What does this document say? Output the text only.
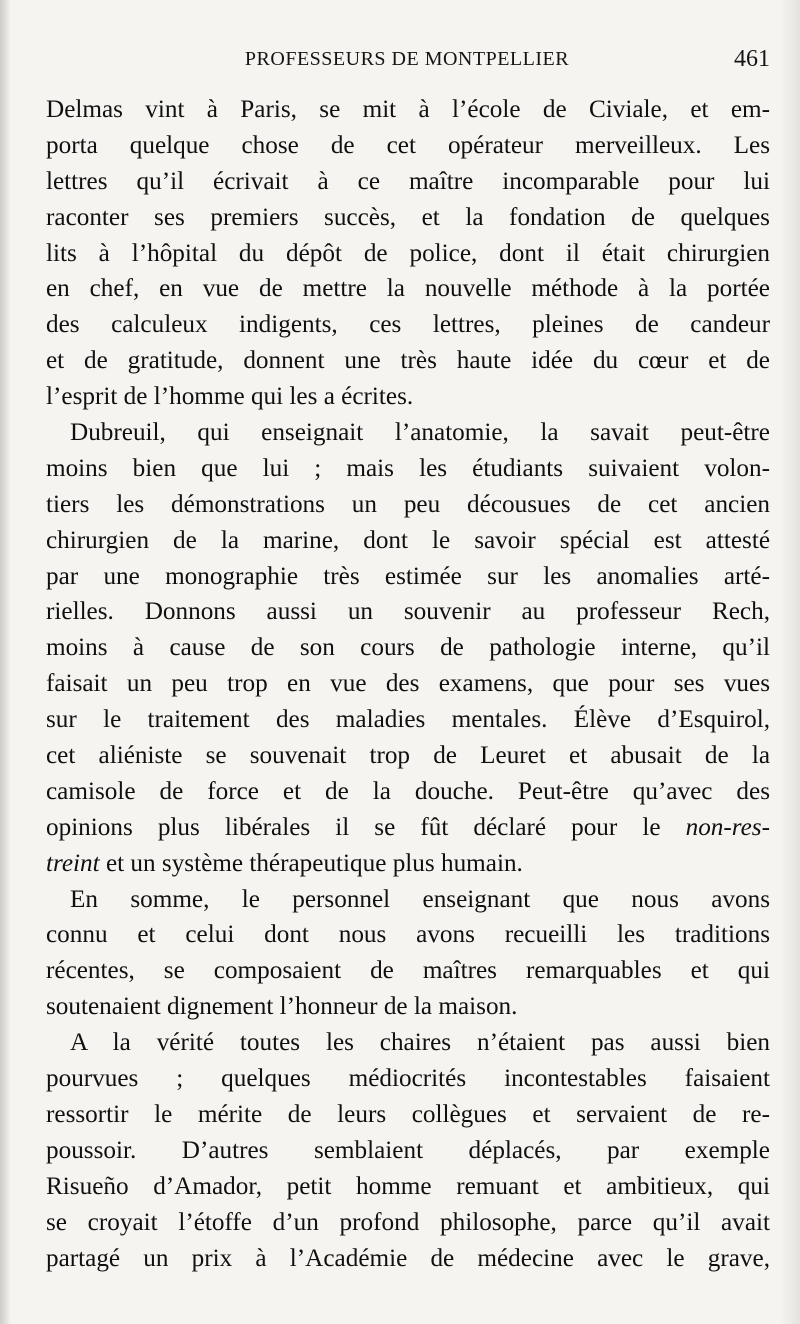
PROFESSEURS DE MONTPELLIER	461
Delmas vint à Paris, se mit à l’école de Civiale, et em-
porta quelque chose de cet opérateur merveilleux. Les
lettres qu’il écrivait à ce maître incomparable pour lui
raconter ses premiers succès, et la fondation de quelques
lits à l’hôpital du dépôt de police, dont il était chirurgien
en chef, en vue de mettre la nouvelle méthode à la portée
des calculeux indigents, ces lettres, pleines de candeur
et de gratitude, donnent une très haute idée du cœur et de
l’esprit de l’homme qui les a écrites.
Dubreuil, qui enseignait l’anatomie, la savait peut-être
moins bien que lui ; mais les étudiants suivaient volon-
tiers les démonstrations un peu décousues de cet ancien
chirurgien de la marine, dont le savoir spécial est attesté
par une monographie très estimée sur les anomalies arté-
rielles. Donnons aussi un souvenir au professeur Rech,
moins à cause de son cours de pathologie interne, qu’il
faisait un peu trop en vue des examens, que pour ses vues
sur le traitement des maladies mentales. Élève d’Esquirol,
cet aliéniste se souvenait trop de Leuret et abusait de la
camisole de force et de la douche. Peut-être qu’avec des
opinions plus libérales il se fût déclaré pour le non-res-
treint et un système thérapeutique plus humain.
En somme, le personnel enseignant que nous avons
connu et celui dont nous avons recueilli les traditions
récentes, se composaient de maîtres remarquables et qui
soutenaient dignement l’honneur de la maison.
A la vérité toutes les chaires n’étaient pas aussi bien
pourvues ; quelques médiocrités incontestables faisaient
ressortir le mérite de leurs collègues et servaient de re-
poussoir. D’autres semblaient déplacés, par exemple
Risueño d’Amador, petit homme remuant et ambitieux, qui
se croyait l’étoffe d’un profond philosophe, parce qu’il avait
partagé un prix à l’Académie de médecine avec le grave,
